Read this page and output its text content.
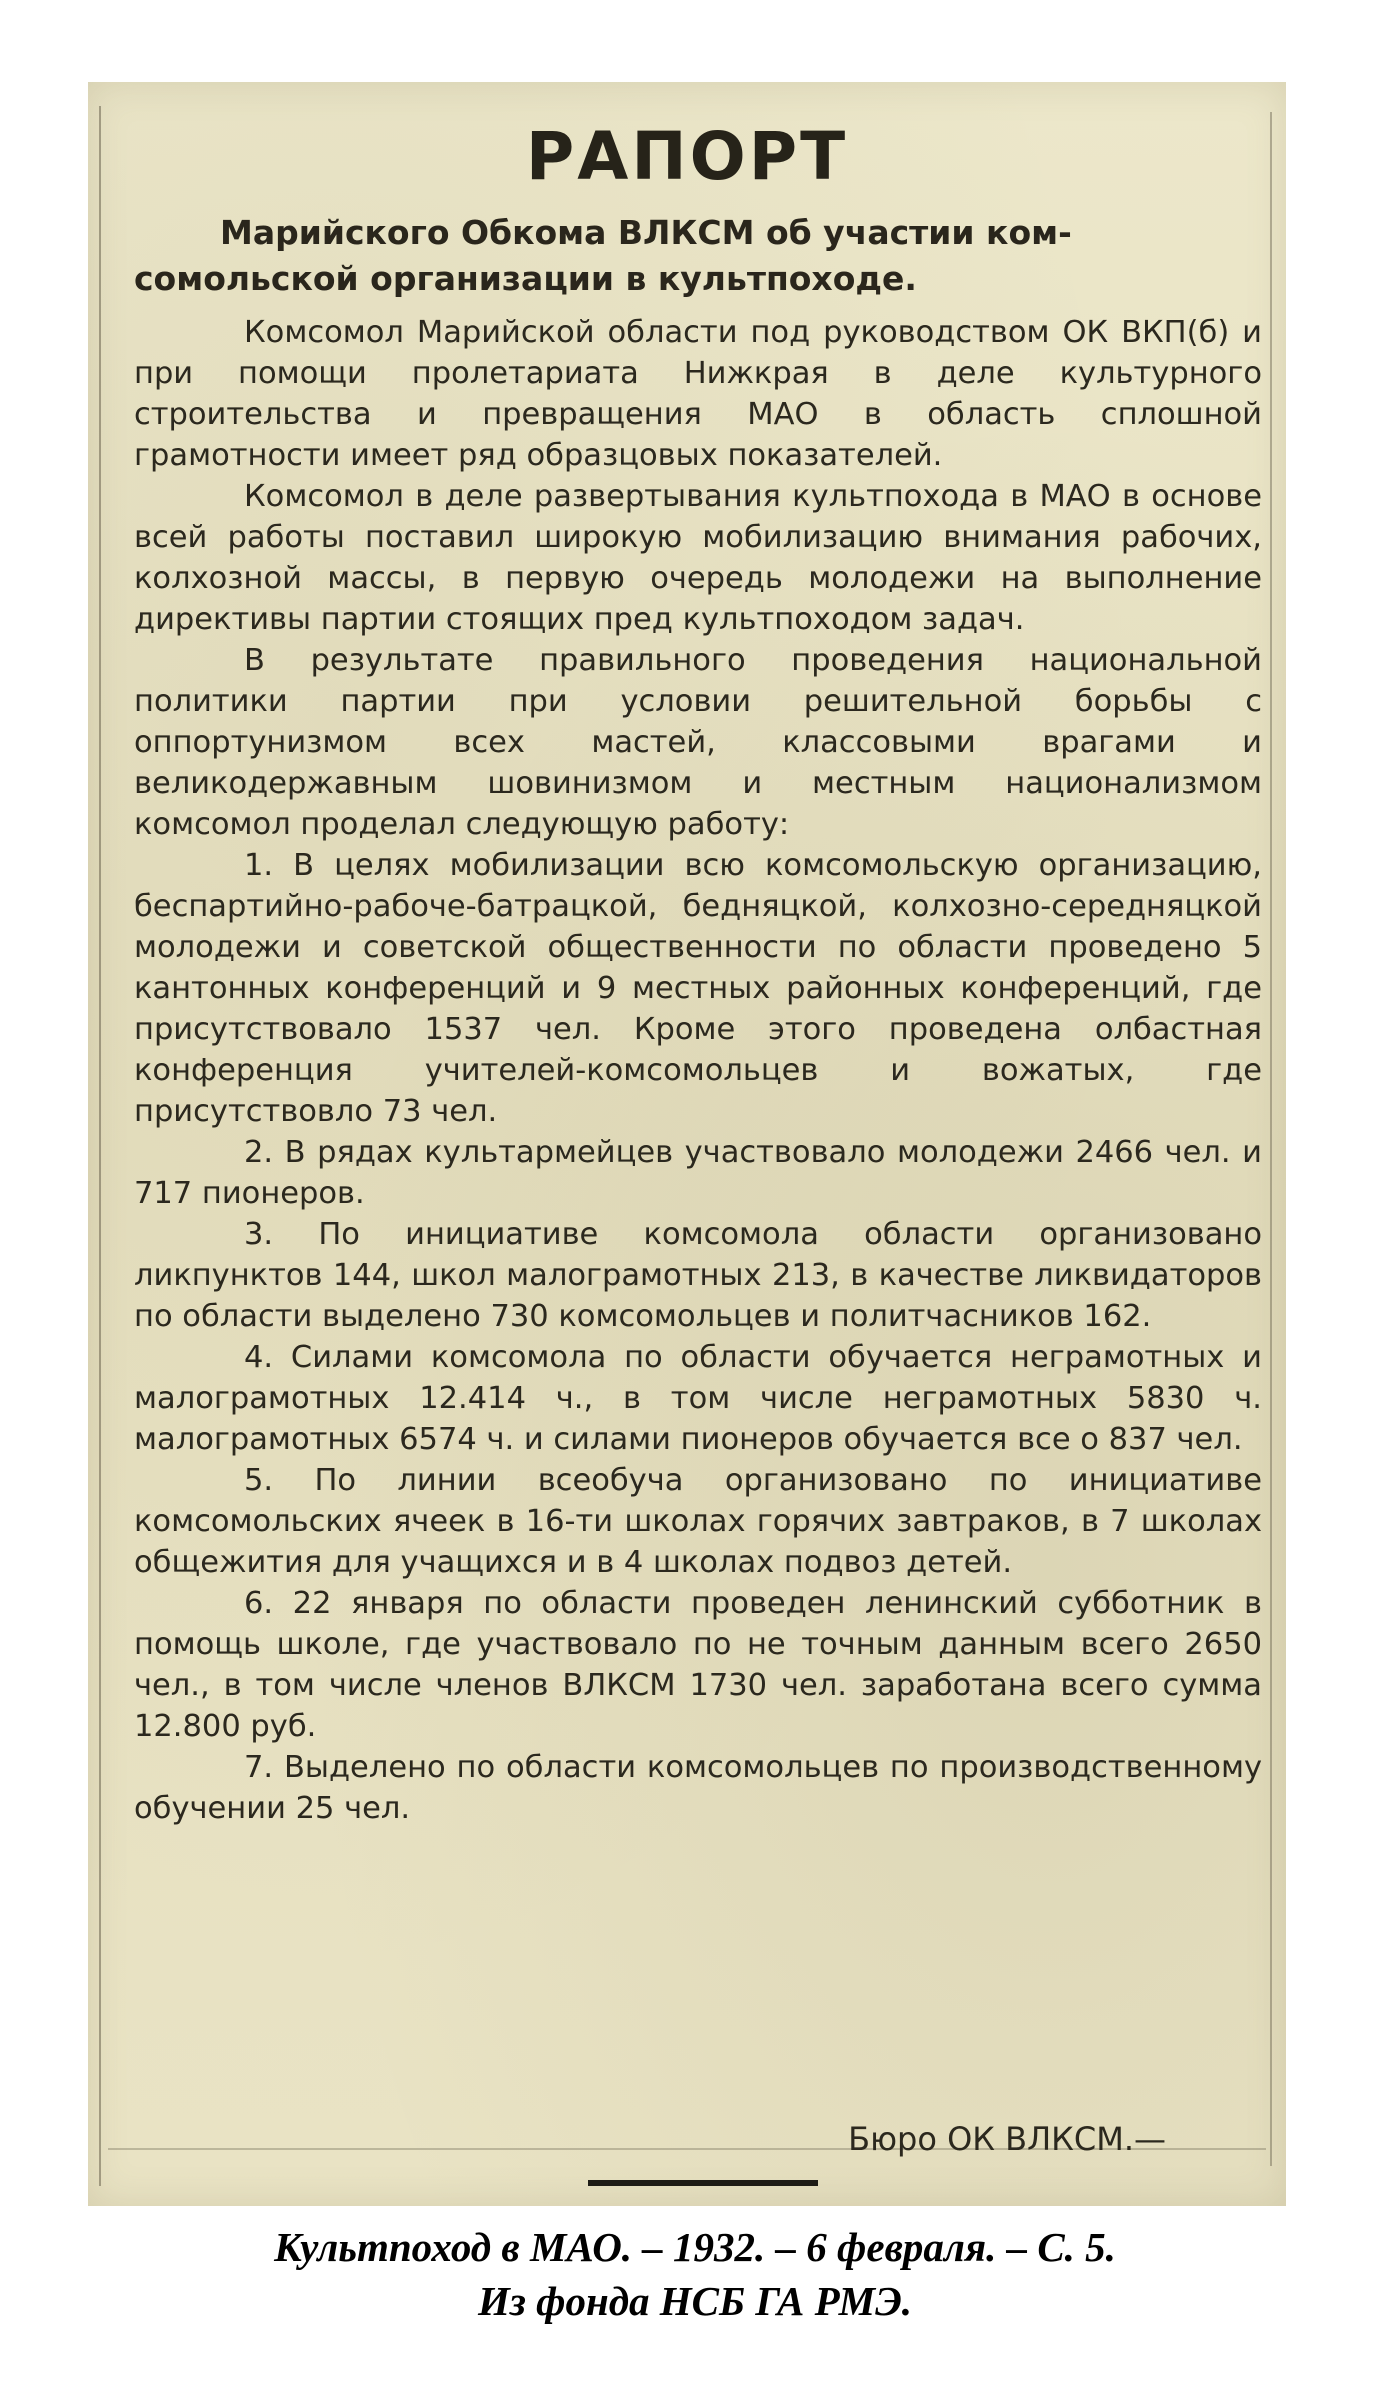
РАПОРТ
Марийского Обкома ВЛКСМ об участии ком-
сомольской организации в культпоходе.

Комсомол Марийской области под руководством ОК ВКП(б) и при помощи пролетариата Нижкрая в деле культурного строительства и превращения МАО в область сплошной грамотности имеет ряд образцовых показателей.

Комсомол в деле развертывания культпохода в МАО в основе всей работы поставил широкую мобилизацию внимания рабочих, колхозной массы, в первую очередь молодежи на выполнение директивы партии стоящих пред культпоходом задач.

В результате правильного проведения национальной политики партии при условии решительной борьбы с оппортунизмом всех мастей, классовыми врагами и великодержавным шовинизмом и местным национализмом комсомол проделал следующую работу:

1. В целях мобилизации всю комсомольскую организацию, беспартийно-рабоче-батрацкой, бедняцкой, колхозно-середняцкой молодежи и советской общественности по области проведено 5 кантонных конференций и 9 местных районных конференций, где присутствовало 1537 чел. Кроме этого проведена олбастная конференция учителей-комсомольцев и вожатых, где присутствовло 73 чел.

2. В рядах культармейцев участвовало молодежи 2466 чел. и 717 пионеров.

3. По инициативе комсомола области организовано ликпунктов 144, школ малограмотных 213, в качестве ликвидаторов по области выделено 730 комсомольцев и политчасников 162.

4. Силами комсомола по области обучается неграмотных и малограмотных 12.414 ч., в том числе неграмотных 5830 ч. малограмотных 6574 ч. и силами пионеров обучается все о 837 чел.

5. По линии всеобуча организовано по инициативе комсомольских ячеек в 16-ти школах горячих завтраков, в 7 школах общежития для учащихся и в 4 школах подвоз детей.

6. 22 января по области проведен ленинский субботник в помощь школе, где участвовало по не точным данным всего 2650 чел., в том числе членов ВЛКСМ 1730 чел. заработана всего сумма 12.800 руб.

7. Выделено по области комсомольцев по производственному обучении 25 чел.

Бюро ОК ВЛКСМ.—
Культпоход в МАО. – 1932. – 6 февраля. – С. 5.
Из фонда НСБ ГА РМЭ.
